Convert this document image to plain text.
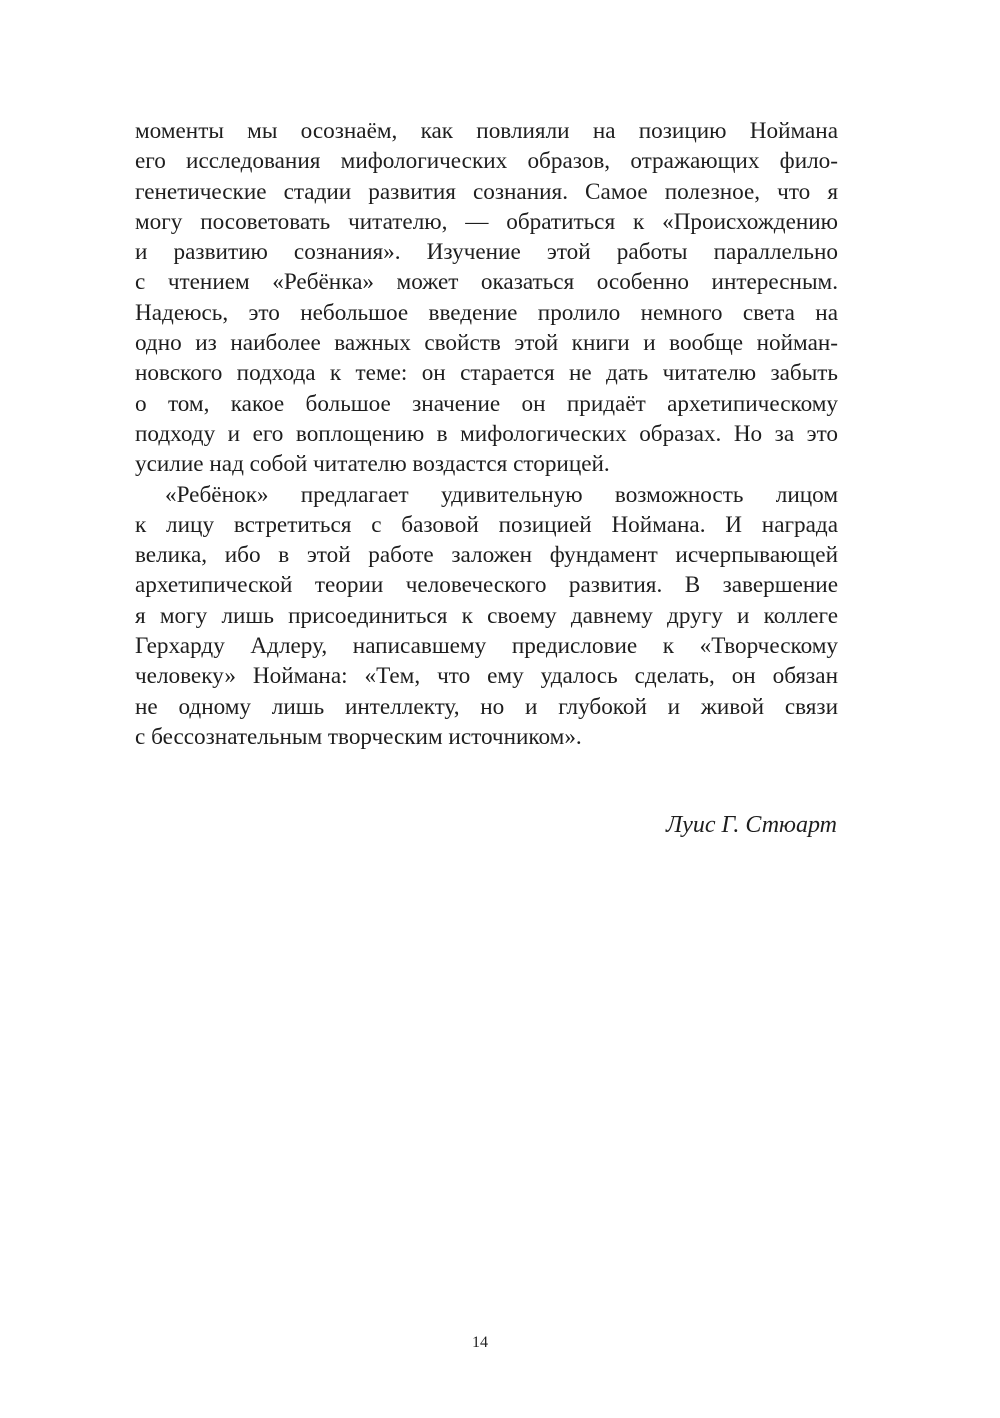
моменты мы осознаём, как повлияли на позицию Ноймана
его исследования мифологических образов, отражающих фило-
генетические стадии развития сознания. Самое полезное, что я
могу посоветовать читателю, — обратиться к «Происхождению
и развитию сознания». Изучение этой работы параллельно
с чтением «Ребёнка» может оказаться особенно интересным.
Надеюсь, это небольшое введение пролило немного света на
одно из наиболее важных свойств этой книги и вообще нойман-
новского подхода к теме: он старается не дать читателю забыть
о том, какое большое значение он придаёт архетипическому
подходу и его воплощению в мифологических образах. Но за это
усилие над собой читателю воздастся сторицей.
«Ребёнок» предлагает удивительную возможность лицом
к лицу встретиться с базовой позицией Ноймана. И награда
велика, ибо в этой работе заложен фундамент исчерпывающей
архетипической теории человеческого развития. В завершение
я могу лишь присоединиться к своему давнему другу и коллеге
Герхарду Адлеру, написавшему предисловие к «Творческому
человеку» Ноймана: «Тем, что ему удалось сделать, он обязан
не одному лишь интеллекту, но и глубокой и живой связи
с бессознательным творческим источником».
Луис Г. Стюарт
14
